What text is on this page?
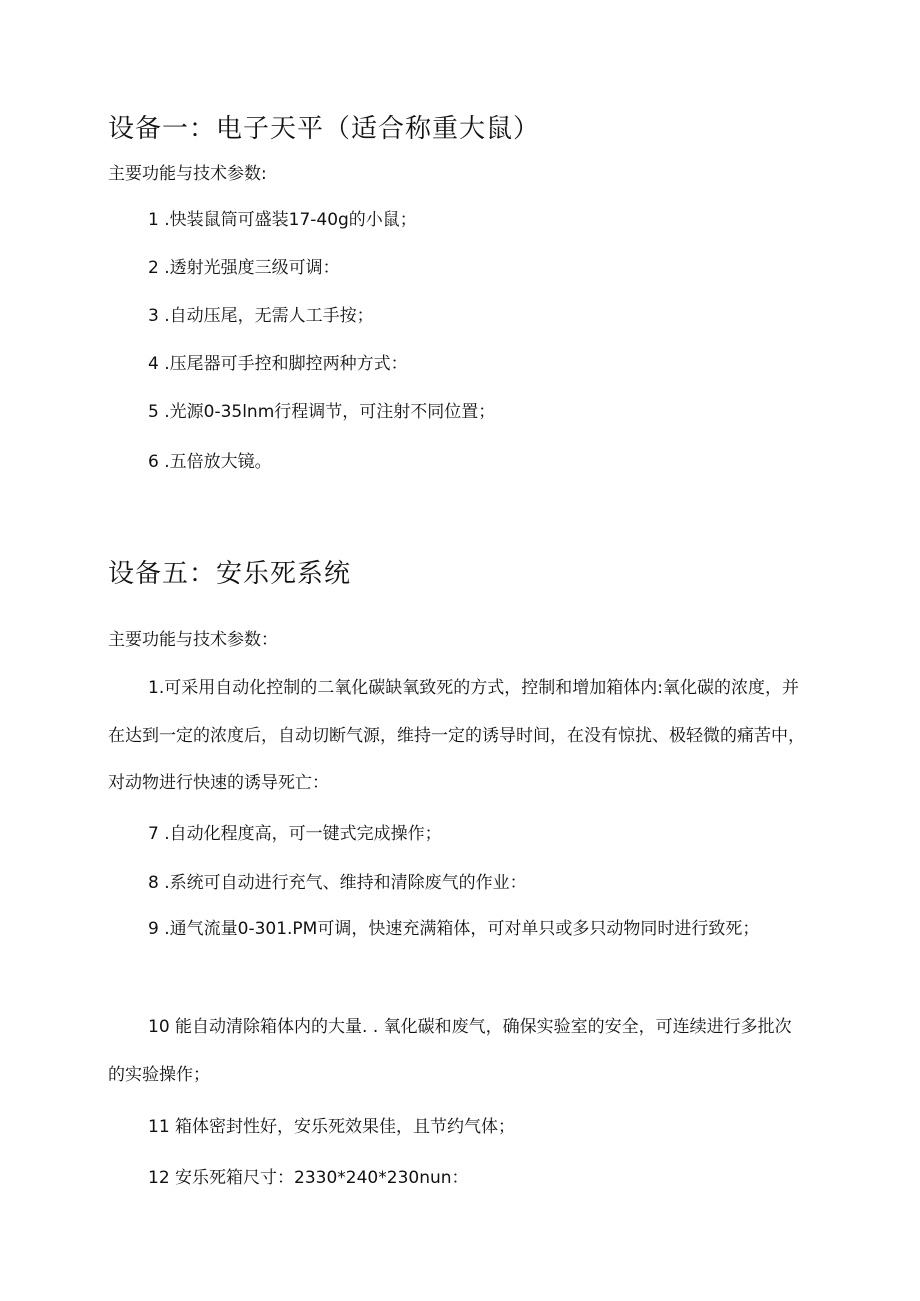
设备一：电子天平（适合称重大鼠）
主要功能与技术参数:
1 .快装鼠筒可盛装17-40g的小鼠；
2 .透射光强度三级可调：
3 .自动压尾，无需人工手按；
4 .压尾器可手控和脚控两种方式：
5 .光源0-35lnm行程调节，可注射不同位置；
6 .五倍放大镜。
设备五：安乐死系统
主要功能与技术参数：
1.可采用自动化控制的二氧化碳缺氧致死的方式，控制和增加箱体内:氧化碳的浓度，并在达到一定的浓度后，自动切断气源，维持一定的诱导时间，在没有惊扰、极轻微的痛苦中，对动物进行快速的诱导死亡：
7 .自动化程度高，可一键式完成操作；
8 .系统可自动进行充气、维持和清除废气的作业：
9 .通气流量0-301.PM可调，快速充满箱体，可对单只或多只动物同时进行致死；
10 能自动清除箱体内的大量. . 氧化碳和废气，确保实验室的安全，可连续进行多批次的实验操作；
11 箱体密封性好，安乐死效果佳，且节约气体；
12 安乐死箱尺寸：2330*240*230nun：
